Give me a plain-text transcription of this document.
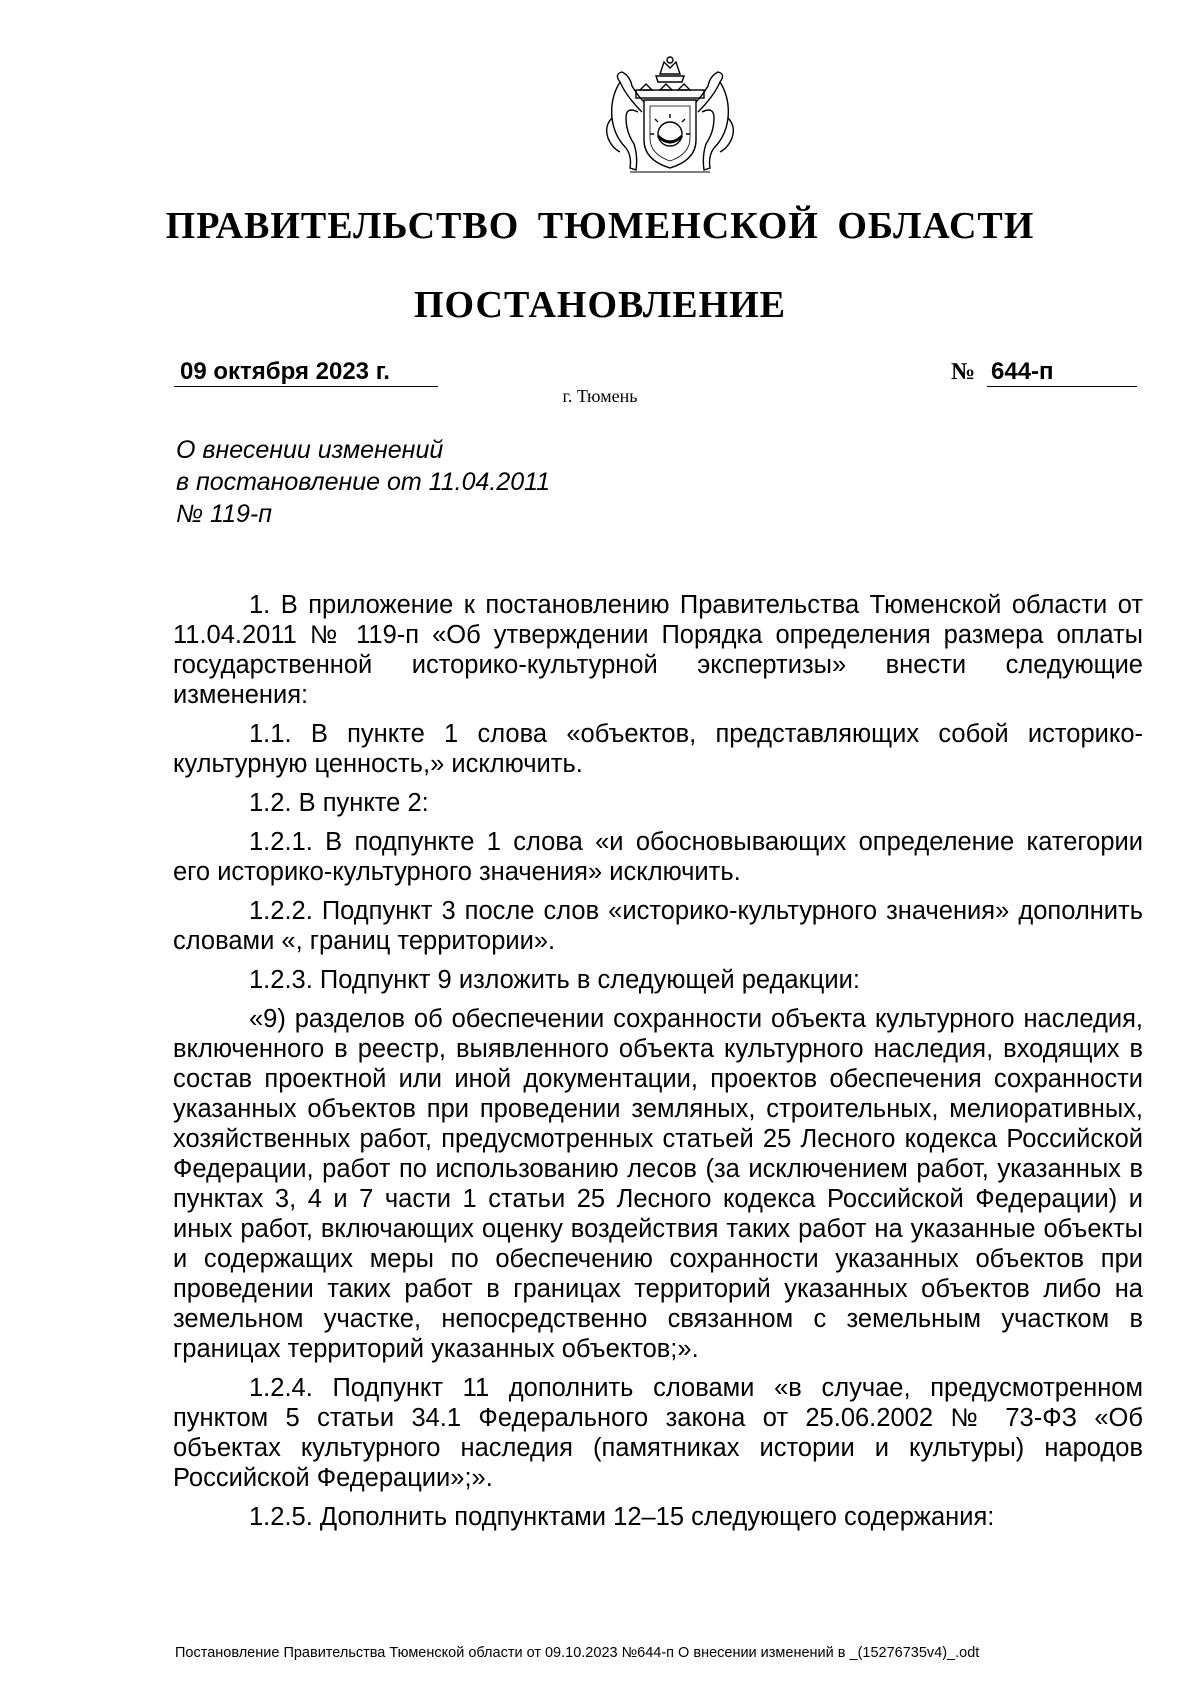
ПРАВИТЕЛЬСТВО ТЮМЕНСКОЙ ОБЛАСТИ
ПОСТАНОВЛЕНИЕ
09 октября 2023 г.	№ 644-п
г. Тюмень
О внесении изменений
в постановление от 11.04.2011
№ 119-п

1. В приложение к постановлению Правительства Тюменской области от 11.04.2011 № 119-п «Об утверждении Порядка определения размера оплаты государственной историко-культурной экспертизы» внести следующие изменения:

1.1. В пункте 1 слова «объектов, представляющих собой историко-культурную ценность,» исключить.

1.2. В пункте 2:

1.2.1. В подпункте 1 слова «и обосновывающих определение категории его историко-культурного значения» исключить.

1.2.2. Подпункт 3 после слов «историко-культурного значения» дополнить словами «, границ территории».

1.2.3. Подпункт 9 изложить в следующей редакции:

«9) разделов об обеспечении сохранности объекта культурного наследия, включенного в реестр, выявленного объекта культурного наследия, входящих в состав проектной или иной документации, проектов обеспечения сохранности указанных объектов при проведении земляных, строительных, мелиоративных, хозяйственных работ, предусмотренных статьей 25 Лесного кодекса Российской Федерации, работ по использованию лесов (за исключением работ, указанных в пунктах 3, 4 и 7 части 1 статьи 25 Лесного кодекса Российской Федерации) и иных работ, включающих оценку воздействия таких работ на указанные объекты и содержащих меры по обеспечению сохранности указанных объектов при проведении таких работ в границах территорий указанных объектов либо на земельном участке, непосредственно связанном с земельным участком в границах территорий указанных объектов;».

1.2.4. Подпункт 11 дополнить словами «в случае, предусмотренном пунктом 5 статьи 34.1 Федерального закона от 25.06.2002 № 73-ФЗ «Об объектах культурного наследия (памятниках истории и культуры) народов Российской Федерации»;».

1.2.5. Дополнить подпунктами 12–15 следующего содержания:

Постановление Правительства Тюменской области от 09.10.2023 №644-п О внесении изменений в _(15276735v4)_.odt
